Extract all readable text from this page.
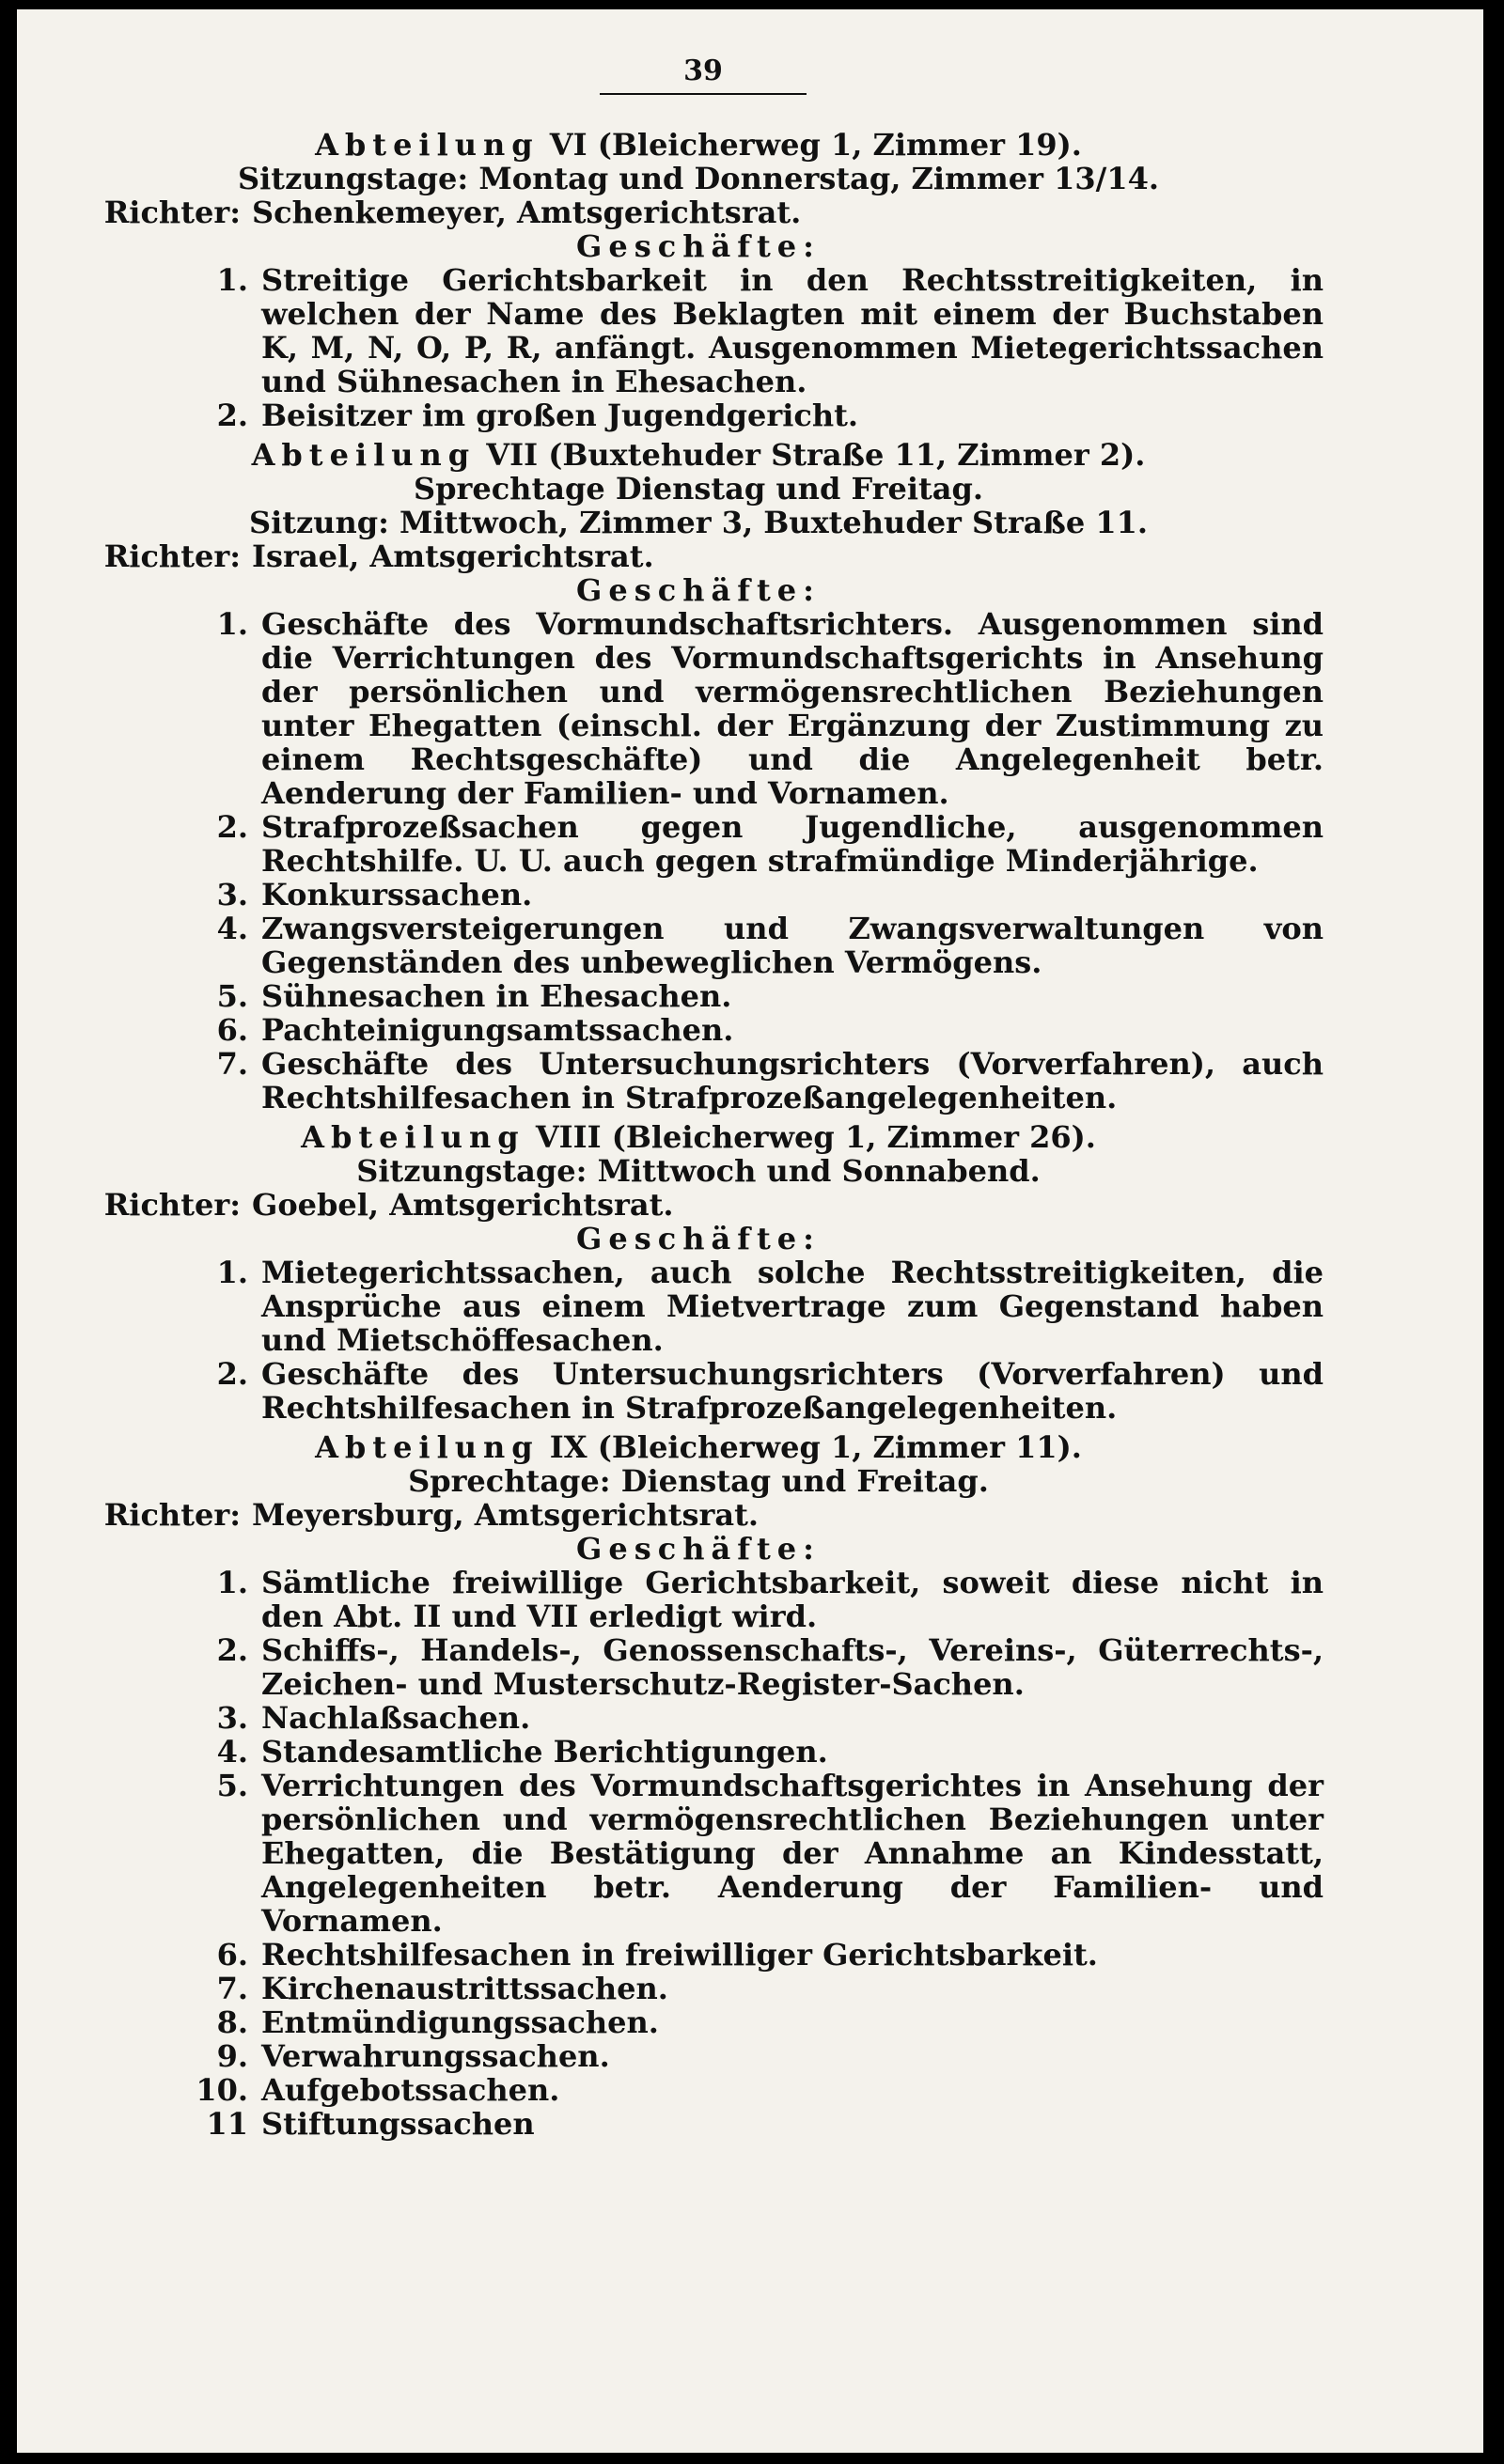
39
Abteilung VI (Bleicherweg 1, Zimmer 19).
Sitzungstage: Montag und Donnerstag, Zimmer 13/14.
Richter: Schenkemeyer, Amtsgerichtsrat.
Geschäfte:
1. Streitige Gerichtsbarkeit in den Rechtsstreitigkeiten, in welchen der Name des Beklagten mit einem der Buchstaben K, M, N, O, P, R, anfängt. Ausgenommen Mietegerichtssachen und Sühnesachen in Ehesachen.
2. Beisitzer im großen Jugendgericht.
Abteilung VII (Buxtehuder Straße 11, Zimmer 2).
Sprechtage Dienstag und Freitag.
Sitzung: Mittwoch, Zimmer 3, Buxtehuder Straße 11.
Richter: Israel, Amtsgerichtsrat.
Geschäfte:
1. Geschäfte des Vormundschaftsrichters. Ausgenommen sind die Verrichtungen des Vormundschaftsgerichts in Ansehung der persönlichen und vermögensrechtlichen Beziehungen unter Ehegatten (einschl. der Ergänzung der Zustimmung zu einem Rechtsgeschäfte) und die Angelegenheit betr. Aenderung der Familien- und Vornamen.
2. Strafprozeßsachen gegen Jugendliche, ausgenommen Rechtshilfe. U. U. auch gegen strafmündige Minderjährige.
3. Konkurssachen.
4. Zwangsversteigerungen und Zwangsverwaltungen von Gegenständen des unbeweglichen Vermögens.
5. Sühnesachen in Ehesachen.
6. Pachteinigungsamtssachen.
7. Geschäfte des Untersuchungsrichters (Vorverfahren), auch Rechtshilfesachen in Strafprozeßangelegenheiten.
Abteilung VIII (Bleicherweg 1, Zimmer 26).
Sitzungstage: Mittwoch und Sonnabend.
Richter: Goebel, Amtsgerichtsrat.
Geschäfte:
1. Mietegerichtssachen, auch solche Rechtsstreitigkeiten, die Ansprüche aus einem Mietvertrage zum Gegenstand haben und Mietschöffesachen.
2. Geschäfte des Untersuchungsrichters (Vorverfahren) und Rechtshilfesachen in Strafprozeßangelegenheiten.
Abteilung IX (Bleicherweg 1, Zimmer 11).
Sprechtage: Dienstag und Freitag.
Richter: Meyersburg, Amtsgerichtsrat.
Geschäfte:
1. Sämtliche freiwillige Gerichtsbarkeit, soweit diese nicht in den Abt. II und VII erledigt wird.
2. Schiffs-, Handels-, Genossenschafts-, Vereins-, Güterrechts-, Zeichen- und Musterschutz-Register-Sachen.
3. Nachlaßsachen.
4. Standesamtliche Berichtigungen.
5. Verrichtungen des Vormundschaftsgerichtes in Ansehung der persönlichen und vermögensrechtlichen Beziehungen unter Ehegatten, die Bestätigung der Annahme an Kindesstatt, Angelegenheiten betr. Aenderung der Familien- und Vornamen.
6. Rechtshilfesachen in freiwilliger Gerichtsbarkeit.
7. Kirchenaustrittssachen.
8. Entmündigungssachen.
9. Verwahrungssachen.
10. Aufgebotssachen.
11 Stiftungssachen
